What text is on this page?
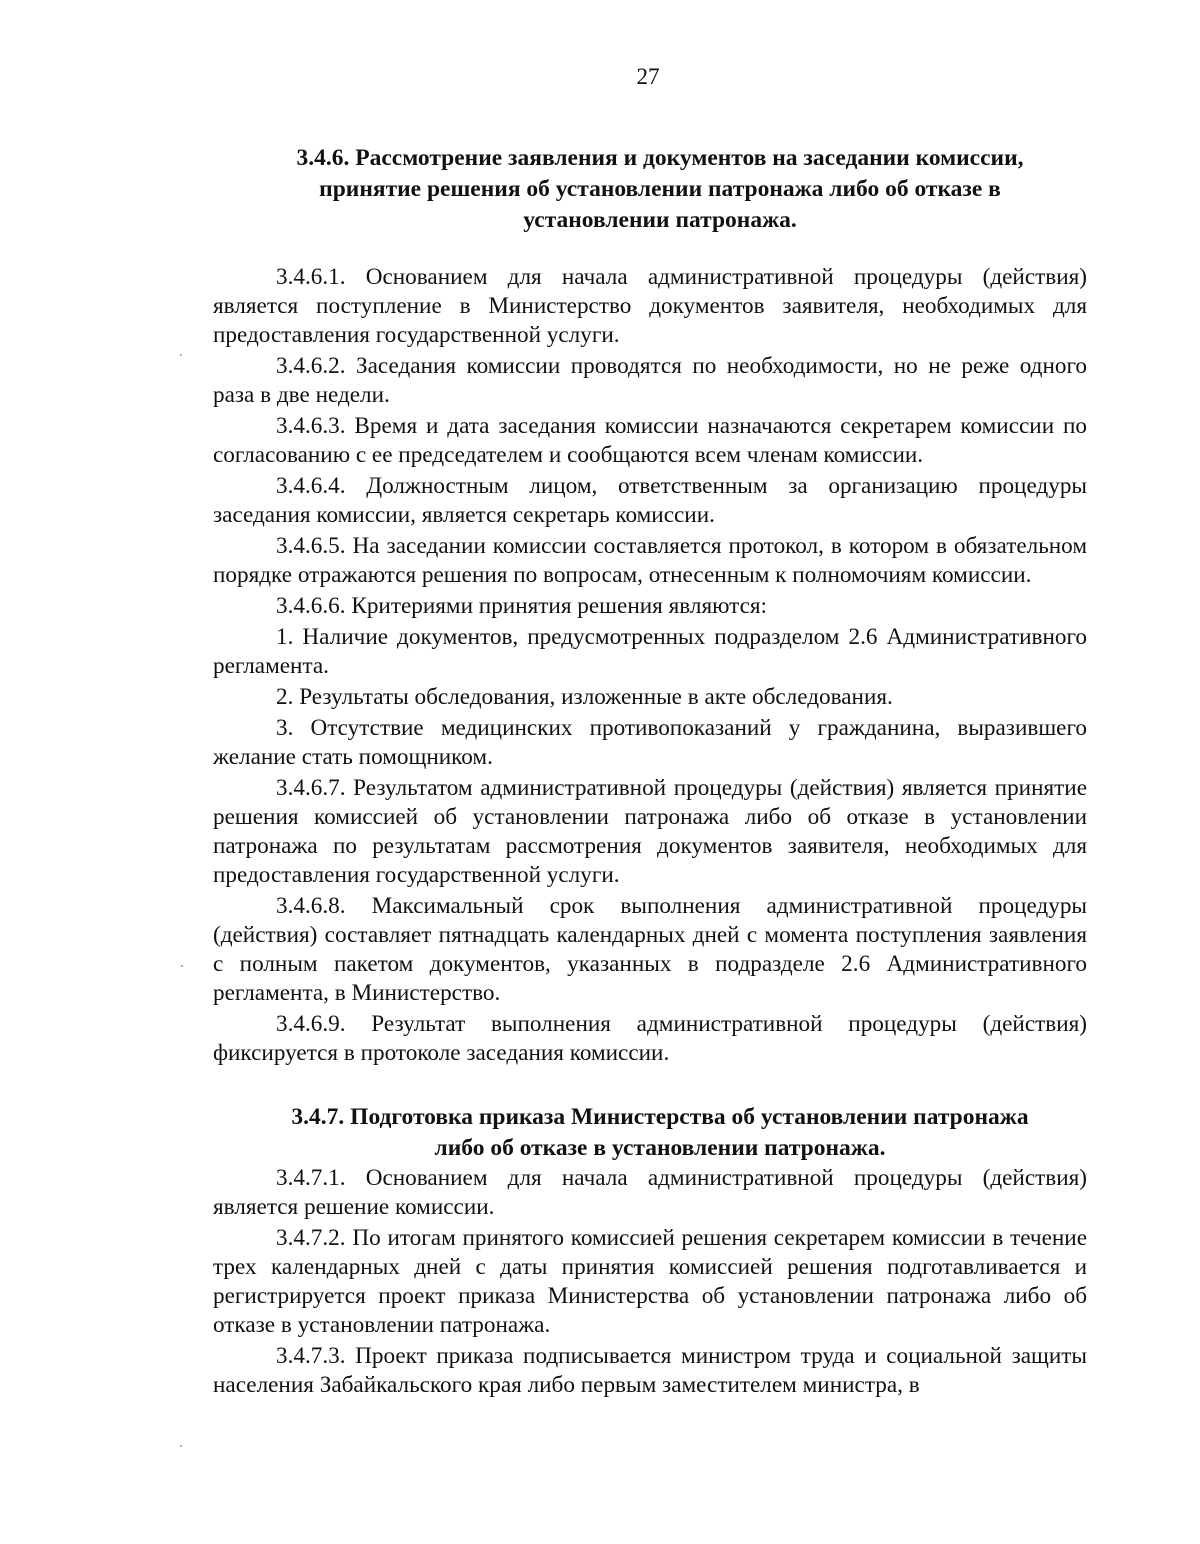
27
3.4.6. Рассмотрение заявления и документов на заседании комиссии,
принятие решения об установлении патронажа либо об отказе в
установлении патронажа.

3.4.6.1. Основанием для начала административной процедуры (действия) является поступление в Министерство документов заявителя, необходимых для предоставления государственной услуги.

3.4.6.2. Заседания комиссии проводятся по необходимости, но не реже одного раза в две недели.

3.4.6.3. Время и дата заседания комиссии назначаются секретарем комиссии по согласованию с ее председателем и сообщаются всем членам комиссии.

3.4.6.4. Должностным лицом, ответственным за организацию процедуры заседания комиссии, является секретарь комиссии.

3.4.6.5. На заседании комиссии составляется протокол, в котором в обязательном порядке отражаются решения по вопросам, отнесенным к полномочиям комиссии.

3.4.6.6. Критериями принятия решения являются:

1. Наличие документов, предусмотренных подразделом 2.6 Административного регламента.

2. Результаты обследования, изложенные в акте обследования.

3. Отсутствие медицинских противопоказаний у гражданина, выразившего желание стать помощником.

3.4.6.7. Результатом административной процедуры (действия) является принятие решения комиссией об установлении патронажа либо об отказе в установлении патронажа по результатам рассмотрения документов заявителя, необходимых для предоставления государственной услуги.

3.4.6.8. Максимальный срок выполнения административной процедуры (действия) составляет пятнадцать календарных дней с момента поступления заявления с полным пакетом документов, указанных в подразделе 2.6 Административного регламента, в Министерство.

3.4.6.9. Результат выполнения административной процедуры (действия) фиксируется в протоколе заседания комиссии.

3.4.7. Подготовка приказа Министерства об установлении патронажа
либо об отказе в установлении патронажа.

3.4.7.1. Основанием для начала административной процедуры (действия) является решение комиссии.

3.4.7.2. По итогам принятого комиссией решения секретарем комиссии в течение трех календарных дней с даты принятия комиссией решения подготавливается и регистрируется проект приказа Министерства об установлении патронажа либо об отказе в установлении патронажа.

3.4.7.3. Проект приказа подписывается министром труда и социальной защиты населения Забайкальского края либо первым заместителем министра, в
